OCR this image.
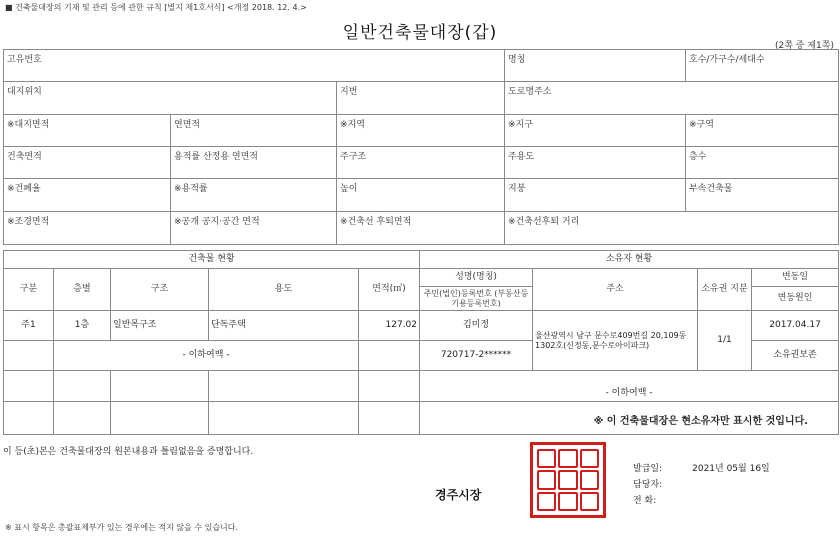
■ 건축물대장의 기재 및 관리 등에 관한 규칙 [별지 제1호서식] <개정 2018. 12. 4.>
일반건축물대장(갑)
(2쪽 중 제1쪽)
고유번호			명칭	호수/가구수/세대수

대지위치		지번	도로명주소	

※대지면적	연면적	※지역	※지구	※구역

건축면적	용적률 산정용 연면적	주구조	주용도	층수

※건폐율	※용적률	높이	지붕	부속건축물

※조경면적	※공개 공지·공간 면적	※건축선 후퇴면적	※건축선후퇴 거리	
건축물 현황					소유자 현황			
구분	층별	구조	용도	면적(㎡)	성명(명칭)	주소	소유권 지분	변동일
					주민(법인)등록번호 (부동산등기용등록번호)			변동원인
주1	1층	일반목구조	단독주택	127.02	김미정	울산광역시 남구 문수로409번길 20,109동1302호(신정동,문수로아이파크)	1/1	2017.04.17
	- 이하여백 -				720717-2******			소유권보존
					- 이하여백 -			
					※ 이 건축물대장은 현소유자만 표시한 것입니다.			
이 등(초)본은 건축물대장의 원본내용과 틀림없음을 증명합니다.
경주시장
발급일:	2021년 05월 16일
담당자:
전 화:
※ 표시 항목은 총괄표제부가 있는 경우에는 적지 않을 수 있습니다.
